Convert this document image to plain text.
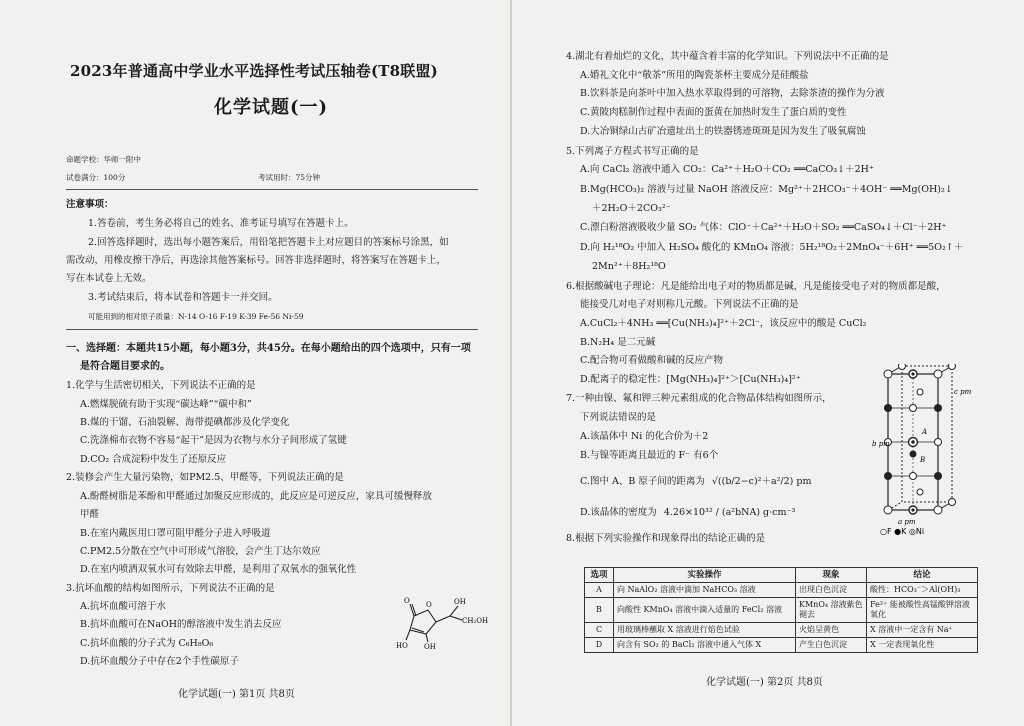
2023年普通高中学业水平选择性考试压轴卷(T8联盟)
化学试题(一)
命题学校：华师一附中
试卷满分：100分	考试用时：75分钟
注意事项：
1.答卷前，考生务必将自己的姓名、准考证号填写在答题卡上。
2.回答选择题时，选出每小题答案后，用铅笔把答题卡上对应题目的答案标号涂黑，如
需改动，用橡皮擦干净后，再选涂其他答案标号。回答非选择题时，将答案写在答题卡上，
写在本试卷上无效。
3.考试结束后，将本试卷和答题卡一并交回。
可能用到的相对原子质量：N-14 O-16 F-19 K-39 Fe-56 Ni-59
一、选择题：本题共15小题，每小题3分，共45分。在每小题给出的四个选项中，只有一项
是符合题目要求的。
1.化学与生活密切相关，下列说法不正确的是
A.燃煤脱硫有助于实现“碳达峰”“碳中和”
B.煤的干馏、石油裂解、海带提碘都涉及化学变化
C.洗涤棉布衣物不容易“起干”是因为衣物与水分子间形成了氢键
D.CO₂ 合成淀粉中发生了还原反应
2.装修会产生大量污染物，如PM2.5、甲醛等，下列说法正确的是
A.酚醛树脂是苯酚和甲醛通过加聚反应形成的，此反应是可逆反应，家具可缓慢释放
甲醛
B.在室内戴医用口罩可阻甲醛分子进入呼吸道
C.PM2.5分散在空气中可形成气溶胶，会产生丁达尔效应
D.在室内喷洒双氧水可有效除去甲醛，是利用了双氧水的强氧化性
3.抗坏血酸的结构如图所示，下列说法不正确的是
A.抗坏血酸可溶于水
B.抗坏血酸可在NaOH的醇溶液中发生消去反应
C.抗坏血酸的分子式为 C₆H₈O₆
D.抗坏血酸分子中存在2个手性碳原子
O
O	OH
CH₂OH
HO OH
化学试题(一) 第1页 共8页
4.湖北有着灿烂的文化，其中蕴含着丰富的化学知识。下列说法中不正确的是
A.婚礼文化中“敬茶”所用的陶瓷茶杯主要成分是硅酸盐
B.饮料茶是向茶叶中加入热水萃取得到的可溶物，去除茶渣的操作为分液
C.黄陂肉糕制作过程中表面的蛋黄在加热时发生了蛋白质的变性
D.大冶铜绿山古矿冶遗址出土的铁器锈迹斑斑是因为发生了吸氧腐蚀
5.下列离子方程式书写正确的是
A.向 CaCl₂ 溶液中通入 CO₂：Ca²⁺＋H₂O＋CO₂ ══CaCO₃↓＋2H⁺
B.Mg(HCO₃)₂ 溶液与过量 NaOH 溶液反应：Mg²⁺＋2HCO₃⁻＋4OH⁻ ══Mg(OH)₂↓
＋2H₂O＋2CO₃²⁻
C.漂白粉溶液吸收少量 SO₂ 气体：ClO⁻＋Ca²⁺＋H₂O＋SO₂ ══CaSO₄↓＋Cl⁻＋2H⁺
D.向 H₂¹⁸O₂ 中加入 H₂SO₄ 酸化的 KMnO₄ 溶液：5H₂¹⁸O₂＋2MnO₄⁻＋6H⁺ ══5O₂↑＋
2Mn²⁺＋8H₂¹⁸O
6.根据酸碱电子理论：凡是能给出电子对的物质都是碱，凡是能接受电子对的物质都是酸，
能接受几对电子对则称几元酸。下列说法不正确的是
A.CuCl₂＋4NH₃ ══[Cu(NH₃)₄]²⁺＋2Cl⁻，该反应中的酸是 CuCl₂
B.N₂H₄ 是二元碱
C.配合物可看做酸和碱的反应产物
D.配离子的稳定性：[Mg(NH₃)₄]²⁺＞[Cu(NH₃)₄]²⁺
7.一种由镍、氟和钾三种元素组成的化合物晶体结构如图所示，
下列说法错误的是
A.该晶体中 Ni 的化合价为＋2
B.与镍等距离且最近的 F⁻ 有6个
C.图中 A、B 原子间的距离为 √((b/2−c)²＋a²/2) pm
D.该晶体的密度为 4.26×10³² / (a²bNA) g·cm⁻³
A
B
c pm
b pm
a pm
○F ●K ◎Ni
8.根据下列实验操作和现象得出的结论正确的是
选项	实验操作	现象	结论
A	向 NaAlO₂ 溶液中滴加 NaHCO₃ 溶液	出现白色沉淀	酸性：HCO₃⁻＞Al(OH)₃
B	向酸性 KMnO₄ 溶液中滴入适量的 FeCl₂ 溶液	KMnO₄ 溶液紫色褪去	Fe²⁺ 能被酸性高锰酸钾溶液氧化
C	用玻璃棒蘸取 X 溶液进行焰色试验	火焰呈黄色	X 溶液中一定含有 Na⁺
D	向含有 SO₂ 的 BaCl₂ 溶液中通入气体 X	产生白色沉淀	X 一定表现氧化性
化学试题(一) 第2页 共8页
